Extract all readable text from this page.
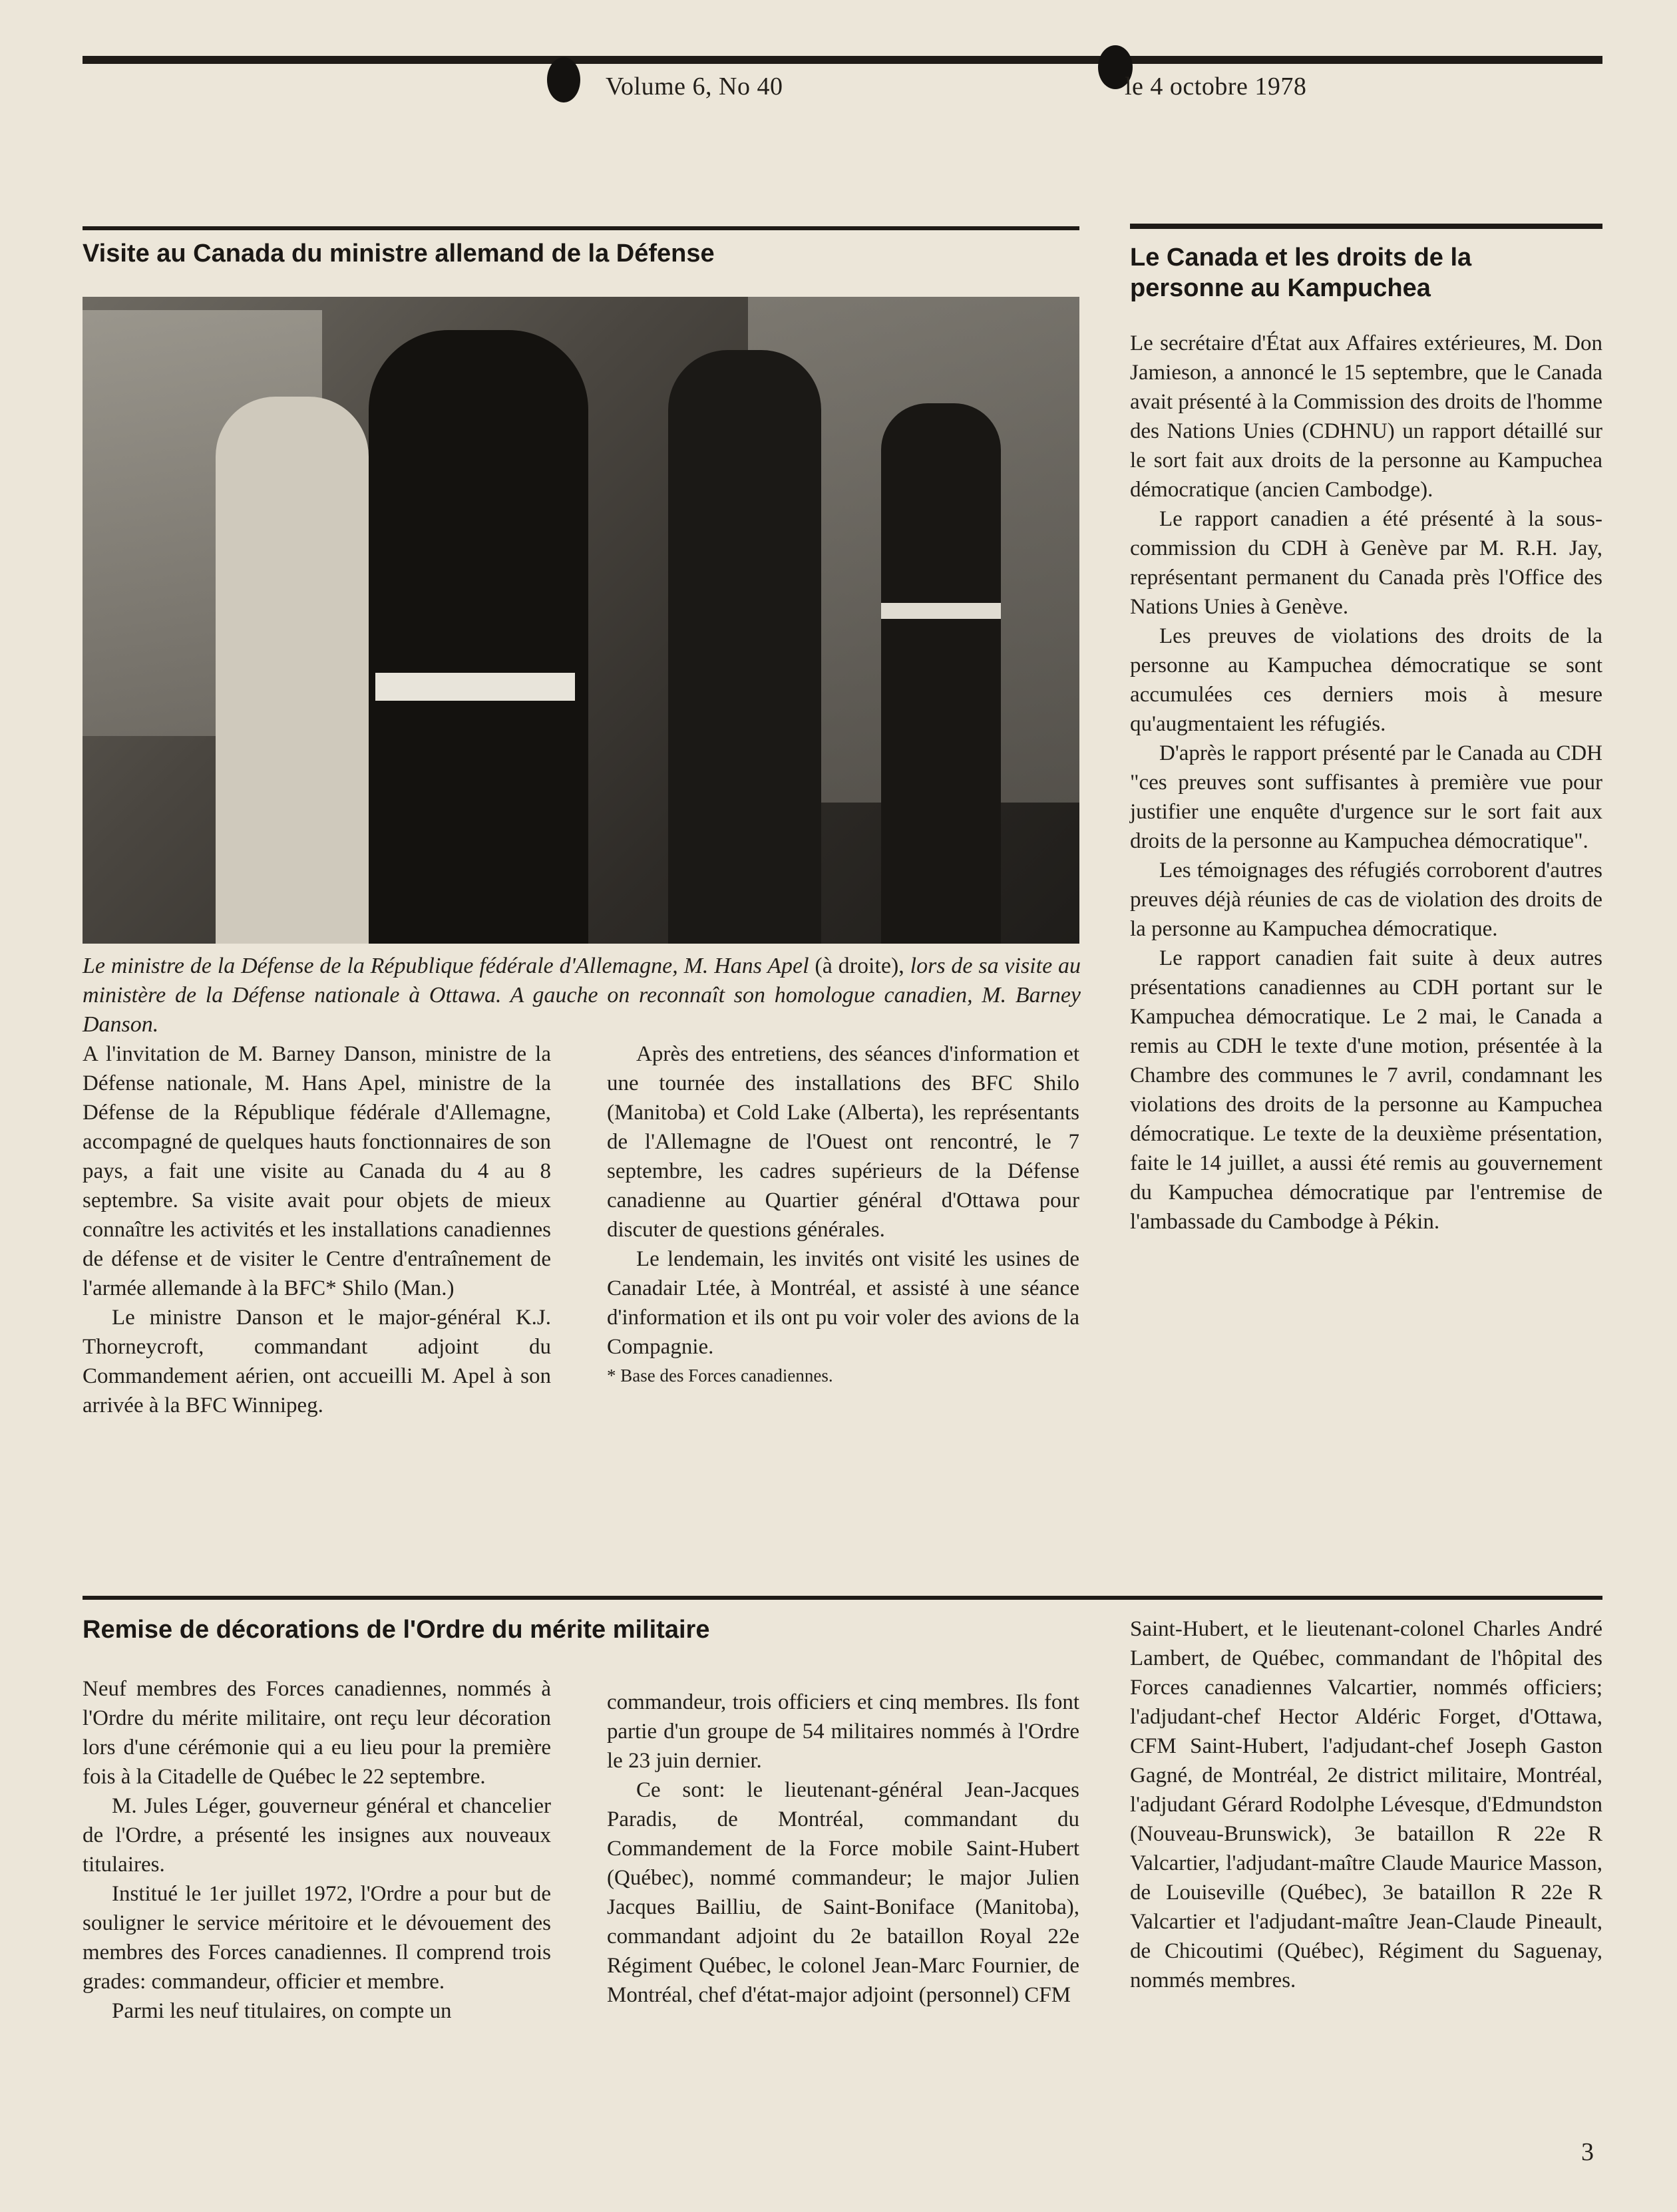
Volume 6, No 40	le 4 octobre 1978
Visite au Canada du ministre allemand de la Défense
Le ministre de la Défense de la République fédérale d'Allemagne, M. Hans Apel (à droite), lors de sa visite au ministère de la Défense nationale à Ottawa. A gauche on reconnaît son homologue canadien, M. Barney Danson.

A l'invitation de M. Barney Danson, ministre de la Défense nationale, M. Hans Apel, ministre de la Défense de la République fédérale d'Allemagne, accompagné de quelques hauts fonctionnaires de son pays, a fait une visite au Canada du 4 au 8 septembre. Sa visite avait pour objets de mieux connaître les activités et les installations canadiennes de défense et de visiter le Centre d'entraînement de l'armée allemande à la BFC* Shilo (Man.)

Le ministre Danson et le major-général K.J. Thorneycroft, commandant adjoint du Commandement aérien, ont accueilli M. Apel à son arrivée à la BFC Winnipeg.

Après des entretiens, des séances d'information et une tournée des installations des BFC Shilo (Manitoba) et Cold Lake (Alberta), les représentants de l'Allemagne de l'Ouest ont rencontré, le 7 septembre, les cadres supérieurs de la Défense canadienne au Quartier général d'Ottawa pour discuter de questions générales.

Le lendemain, les invités ont visité les usines de Canadair Ltée, à Montréal, et assisté à une séance d'information et ils ont pu voir voler des avions de la Compagnie.

* Base des Forces canadiennes.
Le Canada et les droits de la personne au Kampuchea

Le secrétaire d'État aux Affaires extérieures, M. Don Jamieson, a annoncé le 15 septembre, que le Canada avait présenté à la Commission des droits de l'homme des Nations Unies (CDHNU) un rapport détaillé sur le sort fait aux droits de la personne au Kampuchea démocratique (ancien Cambodge).

Le rapport canadien a été présenté à la sous-commission du CDH à Genève par M. R.H. Jay, représentant permanent du Canada près l'Office des Nations Unies à Genève.

Les preuves de violations des droits de la personne au Kampuchea démocratique se sont accumulées ces derniers mois à mesure qu'augmentaient les réfugiés.

D'après le rapport présenté par le Canada au CDH "ces preuves sont suffisantes à première vue pour justifier une enquête d'urgence sur le sort fait aux droits de la personne au Kampuchea démocratique".

Les témoignages des réfugiés corroborent d'autres preuves déjà réunies de cas de violation des droits de la personne au Kampuchea démocratique.

Le rapport canadien fait suite à deux autres présentations canadiennes au CDH portant sur le Kampuchea démocratique. Le 2 mai, le Canada a remis au CDH le texte d'une motion, présentée à la Chambre des communes le 7 avril, condamnant les violations des droits de la personne au Kampuchea démocratique. Le texte de la deuxième présentation, faite le 14 juillet, a aussi été remis au gouvernement du Kampuchea démocratique par l'entremise de l'ambassade du Cambodge à Pékin.

Remise de décorations de l'Ordre du mérite militaire

Neuf membres des Forces canadiennes, nommés à l'Ordre du mérite militaire, ont reçu leur décoration lors d'une cérémonie qui a eu lieu pour la première fois à la Citadelle de Québec le 22 septembre.

M. Jules Léger, gouverneur général et chancelier de l'Ordre, a présenté les insignes aux nouveaux titulaires.

Institué le 1er juillet 1972, l'Ordre a pour but de souligner le service méritoire et le dévouement des membres des Forces canadiennes. Il comprend trois grades: commandeur, officier et membre.

Parmi les neuf titulaires, on compte un

commandeur, trois officiers et cinq membres. Ils font partie d'un groupe de 54 militaires nommés à l'Ordre le 23 juin dernier.

Ce sont: le lieutenant-général Jean-Jacques Paradis, de Montréal, commandant du Commandement de la Force mobile Saint-Hubert (Québec), nommé commandeur; le major Julien Jacques Bailliu, de Saint-Boniface (Manitoba), commandant adjoint du 2e bataillon Royal 22e Régiment Québec, le colonel Jean-Marc Fournier, de Montréal, chef d'état-major adjoint (personnel) CFM

Saint-Hubert, et le lieutenant-colonel Charles André Lambert, de Québec, commandant de l'hôpital des Forces canadiennes Valcartier, nommés officiers; l'adjudant-chef Hector Aldéric Forget, d'Ottawa, CFM Saint-Hubert, l'adjudant-chef Joseph Gaston Gagné, de Montréal, 2e district militaire, Montréal, l'adjudant Gérard Rodolphe Lévesque, d'Edmundston (Nouveau-Brunswick), 3e bataillon R 22e R Valcartier, l'adjudant-maître Claude Maurice Masson, de Louiseville (Québec), 3e bataillon R 22e R Valcartier et l'adjudant-maître Jean-Claude Pineault, de Chicoutimi (Québec), Régiment du Saguenay, nommés membres.

3
